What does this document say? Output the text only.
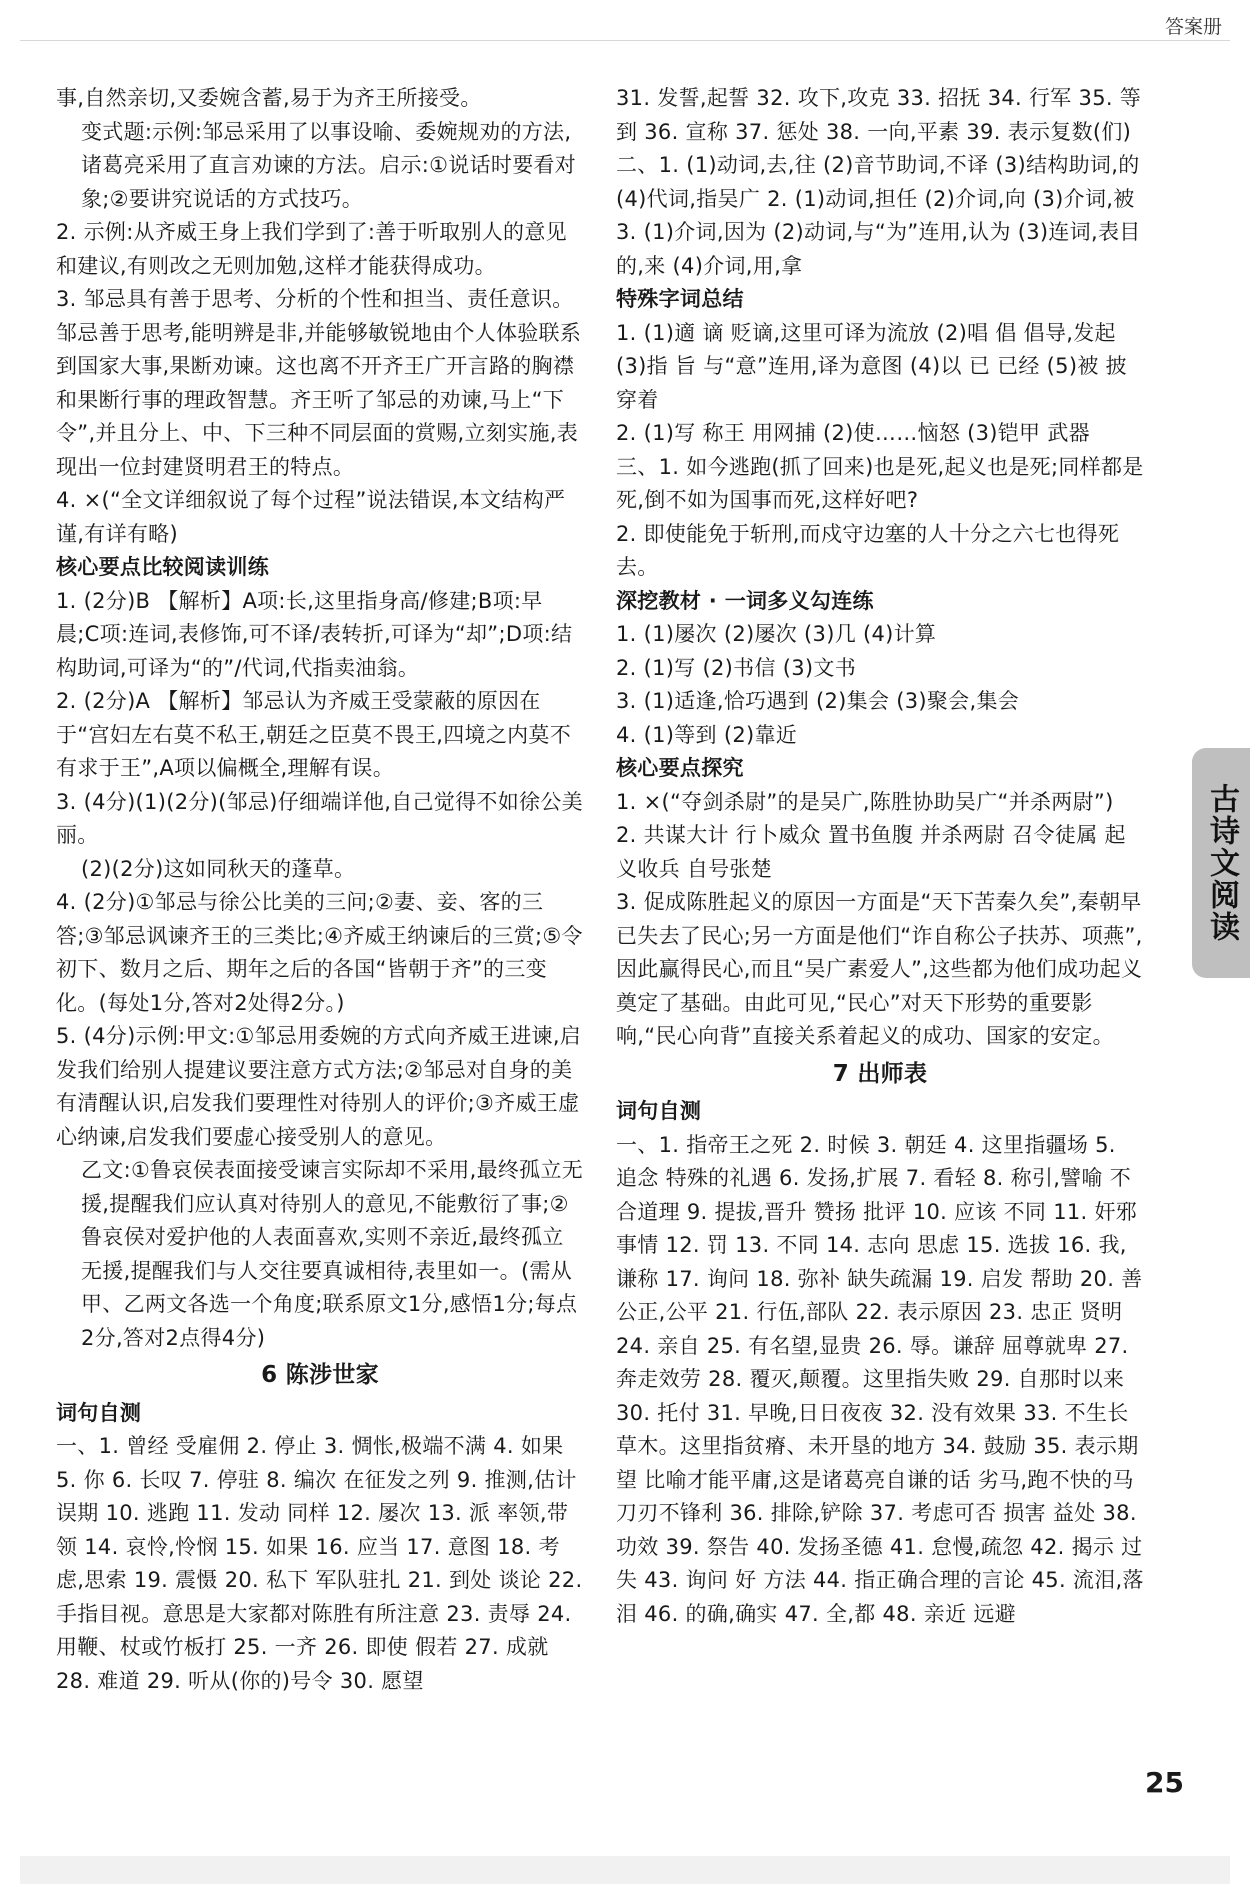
答案册

事,自然亲切,又委婉含蓄,易于为齐王所接受。

变式题:示例:邹忌采用了以事设喻、委婉规劝的方法,诸葛亮采用了直言劝谏的方法。启示:①说话时要看对象;②要讲究说话的方式技巧。

2. 示例:从齐威王身上我们学到了:善于听取别人的意见和建议,有则改之无则加勉,这样才能获得成功。

3. 邹忌具有善于思考、分析的个性和担当、责任意识。邹忌善于思考,能明辨是非,并能够敏锐地由个人体验联系到国家大事,果断劝谏。这也离不开齐王广开言路的胸襟和果断行事的理政智慧。齐王听了邹忌的劝谏,马上“下令”,并且分上、中、下三种不同层面的赏赐,立刻实施,表现出一位封建贤明君王的特点。

4. ×(“全文详细叙说了每个过程”说法错误,本文结构严谨,有详有略)

核心要点比较阅读训练

1. (2分)B 【解析】A项:长,这里指身高/修建;B项:早晨;C项:连词,表修饰,可不译/表转折,可译为“却”;D项:结构助词,可译为“的”/代词,代指卖油翁。

2. (2分)A 【解析】邹忌认为齐威王受蒙蔽的原因在于“宫妇左右莫不私王,朝廷之臣莫不畏王,四境之内莫不有求于王”,A项以偏概全,理解有误。

3. (4分)(1)(2分)(邹忌)仔细端详他,自己觉得不如徐公美丽。

(2)(2分)这如同秋天的蓬草。

4. (2分)①邹忌与徐公比美的三问;②妻、妾、客的三答;③邹忌讽谏齐王的三类比;④齐威王纳谏后的三赏;⑤令初下、数月之后、期年之后的各国“皆朝于齐”的三变化。(每处1分,答对2处得2分。)

5. (4分)示例:甲文:①邹忌用委婉的方式向齐威王进谏,启发我们给别人提建议要注意方式方法;②邹忌对自身的美有清醒认识,启发我们要理性对待别人的评价;③齐威王虚心纳谏,启发我们要虚心接受别人的意见。

乙文:①鲁哀侯表面接受谏言实际却不采用,最终孤立无援,提醒我们应认真对待别人的意见,不能敷衍了事;②鲁哀侯对爱护他的人表面喜欢,实则不亲近,最终孤立无援,提醒我们与人交往要真诚相待,表里如一。(需从甲、乙两文各选一个角度;联系原文1分,感悟1分;每点2分,答对2点得4分)

6 陈涉世家

词句自测

一、1. 曾经 受雇佣 2. 停止 3. 惆怅,极端不满 4. 如果 5. 你 6. 长叹 7. 停驻 8. 编次 在征发之列 9. 推测,估计 误期 10. 逃跑 11. 发动 同样 12. 屡次 13. 派 率领,带领 14. 哀怜,怜悯 15. 如果 16. 应当 17. 意图 18. 考虑,思索 19. 震慑 20. 私下 军队驻扎 21. 到处 谈论 22. 手指目视。意思是大家都对陈胜有所注意 23. 责辱 24. 用鞭、杖或竹板打 25. 一齐 26. 即使 假若 27. 成就 28. 难道 29. 听从(你的)号令 30. 愿望

31. 发誓,起誓 32. 攻下,攻克 33. 招抚 34. 行军 35. 等到 36. 宣称 37. 惩处 38. 一向,平素 39. 表示复数(们)

二、1. (1)动词,去,往 (2)音节助词,不译 (3)结构助词,的 (4)代词,指吴广 2. (1)动词,担任 (2)介词,向 (3)介词,被 3. (1)介词,因为 (2)动词,与“为”连用,认为 (3)连词,表目的,来 (4)介词,用,拿

特殊字词总结

1. (1)適 谪 贬谪,这里可译为流放 (2)唱 倡 倡导,发起 (3)指 旨 与“意”连用,译为意图 (4)以 已 已经 (5)被 披 穿着

2. (1)写 称王 用网捕 (2)使……恼怒 (3)铠甲 武器

三、1. 如今逃跑(抓了回来)也是死,起义也是死;同样都是死,倒不如为国事而死,这样好吧?

2. 即使能免于斩刑,而戍守边塞的人十分之六七也得死去。

深挖教材 · 一词多义勾连练

1. (1)屡次 (2)屡次 (3)几 (4)计算

2. (1)写 (2)书信 (3)文书

3. (1)适逢,恰巧遇到 (2)集会 (3)聚会,集会

4. (1)等到 (2)靠近

核心要点探究

1. ×(“夺剑杀尉”的是吴广,陈胜协助吴广“并杀两尉”)

2. 共谋大计 行卜威众 置书鱼腹 并杀两尉 召令徒属 起义收兵 自号张楚

3. 促成陈胜起义的原因一方面是“天下苦秦久矣”,秦朝早已失去了民心;另一方面是他们“诈自称公子扶苏、项燕”,因此赢得民心,而且“吴广素爱人”,这些都为他们成功起义奠定了基础。由此可见,“民心”对天下形势的重要影响,“民心向背”直接关系着起义的成功、国家的安定。

7 出师表

词句自测

一、1. 指帝王之死 2. 时候 3. 朝廷 4. 这里指疆场 5. 追念 特殊的礼遇 6. 发扬,扩展 7. 看轻 8. 称引,譬喻 不合道理 9. 提拔,晋升 赞扬 批评 10. 应该 不同 11. 奸邪事情 12. 罚 13. 不同 14. 志向 思虑 15. 选拔 16. 我,谦称 17. 询问 18. 弥补 缺失疏漏 19. 启发 帮助 20. 善 公正,公平 21. 行伍,部队 22. 表示原因 23. 忠正 贤明 24. 亲自 25. 有名望,显贵 26. 辱。谦辞 屈尊就卑 27. 奔走效劳 28. 覆灭,颠覆。这里指失败 29. 自那时以来 30. 托付 31. 早晚,日日夜夜 32. 没有效果 33. 不生长草木。这里指贫瘠、未开垦的地方 34. 鼓励 35. 表示期望 比喻才能平庸,这是诸葛亮自谦的话 劣马,跑不快的马 刀刃不锋利 36. 排除,铲除 37. 考虑可否 损害 益处 38. 功效 39. 祭告 40. 发扬圣德 41. 怠慢,疏忽 42. 揭示 过失 43. 询问 好 方法 44. 指正确合理的言论 45. 流泪,落泪 46. 的确,确实 47. 全,都 48. 亲近 远避

古诗文阅读
25
